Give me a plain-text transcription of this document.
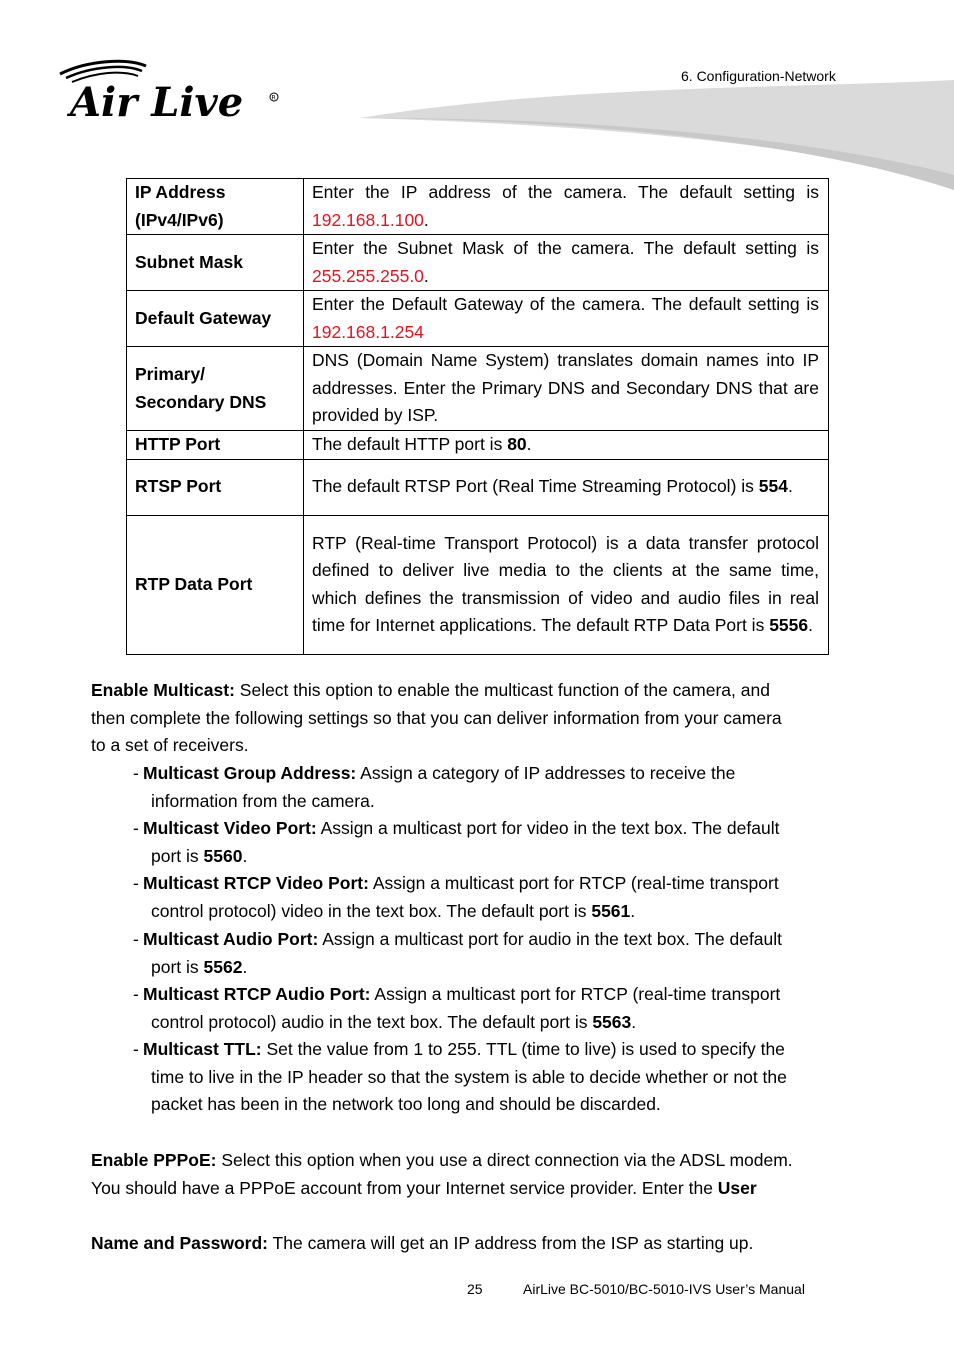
Air Live	R
6. Configuration-Network
IP Address
(IPv4/IPv6)	Enter the IP address of the camera. The default setting is 192.168.1.100.
Subnet Mask	Enter the Subnet Mask of the camera. The default setting is 255.255.255.0.
Default Gateway	Enter the Default Gateway of the camera. The default setting is 192.168.1.254
Primary/
Secondary DNS	DNS (Domain Name System) translates domain names into IP addresses. Enter the Primary DNS and Secondary DNS that are provided by ISP.
HTTP Port	The default HTTP port is 80.
RTSP Port	The default RTSP Port (Real Time Streaming Protocol) is 554.
RTP Data Port	RTP (Real-time Transport Protocol) is a data transfer protocol defined to deliver live media to the clients at the same time, which defines the transmission of video and audio files in real time for Internet applications. The default RTP Data Port is 5556.
Enable Multicast: Select this option to enable the multicast function of the camera, and
then complete the following settings so that you can deliver information from your camera
to a set of receivers.
- Multicast Group Address: Assign a category of IP addresses to receive the
information from the camera.
- Multicast Video Port: Assign a multicast port for video in the text box. The default
port is 5560.
- Multicast RTCP Video Port: Assign a multicast port for RTCP (real-time transport
control protocol) video in the text box. The default port is 5561.
- Multicast Audio Port: Assign a multicast port for audio in the text box. The default
port is 5562.
- Multicast RTCP Audio Port: Assign a multicast port for RTCP (real-time transport
control protocol) audio in the text box. The default port is 5563.
- Multicast TTL: Set the value from 1 to 255. TTL (time to live) is used to specify the
time to live in the IP header so that the system is able to decide whether or not the
packet has been in the network too long and should be discarded.
Enable PPPoE: Select this option when you use a direct connection via the ADSL modem.
You should have a PPPoE account from your Internet service provider. Enter the User
Name and Password: The camera will get an IP address from the ISP as starting up.
25	AirLive BC-5010/BC-5010-IVS User’s Manual
